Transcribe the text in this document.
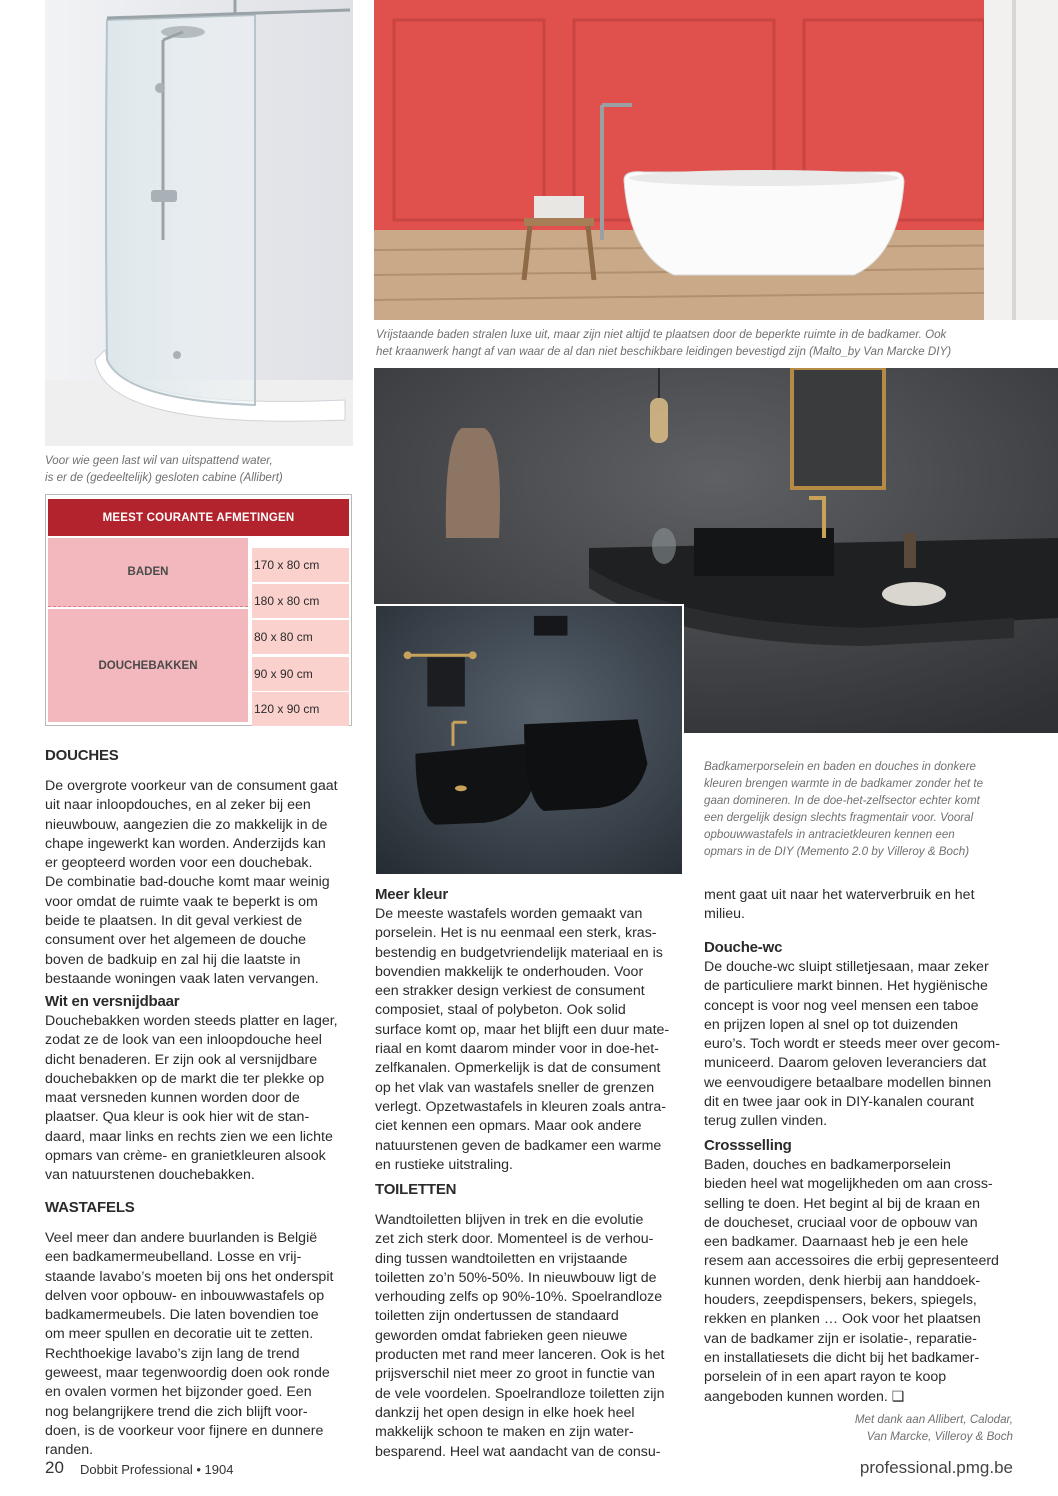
Voor wie geen last wil van uitspattend water,
is er de (gedeeltelijk) gesloten cabine (Allibert)
Vrijstaande baden stralen luxe uit, maar zijn niet altijd te plaatsen door de beperkte ruimte in de badkamer. Ook
het kraanwerk hangt af van waar de al dan niet beschikbare leidingen bevestigd zijn (Malto_by Van Marcke DIY)
Badkamerporselein en baden en douches in donkere
kleuren brengen warmte in de badkamer zonder het te
gaan domineren. In de doe-het-zelfsector echter komt
een dergelijk design slechts fragmentair voor. Vooral
opbouwwastafels in antracietkleuren kennen een
opmars in de DIY (Memento 2.0 by Villeroy & Boch)
MEEST COURANTE AFMETINGEN
BADEN	170 x 80 cm
180 x 80 cm
DOUCHEBAKKEN
80 x 80 cm
90 x 90 cm
120 x 90 cm
DOUCHES
De overgrote voorkeur van de consument gaat
uit naar inloopdouches, en al zeker bij een
nieuwbouw, aangezien die zo makkelijk in de
chape ingewerkt kan worden. Anderzijds kan
er geopteerd worden voor een douchebak.
De combinatie bad-douche komt maar weinig
voor omdat de ruimte vaak te beperkt is om
beide te plaatsen. In dit geval verkiest de
consument over het algemeen de douche
boven de badkuip en zal hij die laatste in
bestaande woningen vaak laten vervangen.
Wit en versnijdbaar
Douchebakken worden steeds platter en lager,
zodat ze de look van een inloopdouche heel
dicht benaderen. Er zijn ook al versnijdbare
douchebakken op de markt die ter plekke op
maat versneden kunnen worden door de
plaatser. Qua kleur is ook hier wit de stan-
daard, maar links en rechts zien we een lichte
opmars van crème- en granietkleuren alsook
van natuurstenen douchebakken.
WASTAFELS
Veel meer dan andere buurlanden is België
een badkamermeubelland. Losse en vrij-
staande lavabo’s moeten bij ons het onderspit
delven voor opbouw- en inbouwwastafels op
badkamermeubels. Die laten bovendien toe
om meer spullen en decoratie uit te zetten.
Rechthoekige lavabo’s zijn lang de trend
geweest, maar tegenwoordig doen ook ronde
en ovalen vormen het bijzonder goed. Een
nog belangrijkere trend die zich blijft voor-
doen, is de voorkeur voor fijnere en dunnere
randen.
Meer kleur
De meeste wastafels worden gemaakt van
porselein. Het is nu eenmaal een sterk, kras-
bestendig en budgetvriendelijk materiaal en is
bovendien makkelijk te onderhouden. Voor
een strakker design verkiest de consument
composiet, staal of polybeton. Ook solid
surface komt op, maar het blijft een duur mate-
riaal en komt daarom minder voor in doe-het-
zelfkanalen. Opmerkelijk is dat de consument
op het vlak van wastafels sneller de grenzen
verlegt. Opzetwastafels in kleuren zoals antra-
ciet kennen een opmars. Maar ook andere
natuurstenen geven de badkamer een warme
en rustieke uitstraling.
TOILETTEN
Wandtoiletten blijven in trek en die evolutie
zet zich sterk door. Momenteel is de verhou-
ding tussen wandtoiletten en vrijstaande
toiletten zo’n 50%-50%. In nieuwbouw ligt de
verhouding zelfs op 90%-10%. Spoelrandloze
toiletten zijn ondertussen de standaard
geworden omdat fabrieken geen nieuwe
producten met rand meer lanceren. Ook is het
prijsverschil niet meer zo groot in functie van
de vele voordelen. Spoelrandloze toiletten zijn
dankzij het open design in elke hoek heel
makkelijk schoon te maken en zijn water-
besparend. Heel wat aandacht van de consu-
ment gaat uit naar het waterverbruik en het
milieu.
Douche-wc
De douche-wc sluipt stilletjesaan, maar zeker
de particuliere markt binnen. Het hygiënische
concept is voor nog veel mensen een taboe
en prijzen lopen al snel op tot duizenden
euro’s. Toch wordt er steeds meer over gecom-
municeerd. Daarom geloven leveranciers dat
we eenvoudigere betaalbare modellen binnen
dit en twee jaar ook in DIY-kanalen courant
terug zullen vinden.
Crossselling
Baden, douches en badkamerporselein
bieden heel wat mogelijkheden om aan cross-
selling te doen. Het begint al bij de kraan en
de doucheset, cruciaal voor de opbouw van
een badkamer. Daarnaast heb je een hele
resem aan accessoires die erbij gepresenteerd
kunnen worden, denk hierbij aan handdoek-
houders, zeepdispensers, bekers, spiegels,
rekken en planken … Ook voor het plaatsen
van de badkamer zijn er isolatie-, reparatie-
en installatiesets die dicht bij het badkamer-
porselein of in een apart rayon te koop
aangeboden kunnen worden. ❑
Met dank aan Allibert, Calodar,
Van Marcke, Villeroy & Boch
20 Dobbit Professional • 1904	professional.pmg.be
